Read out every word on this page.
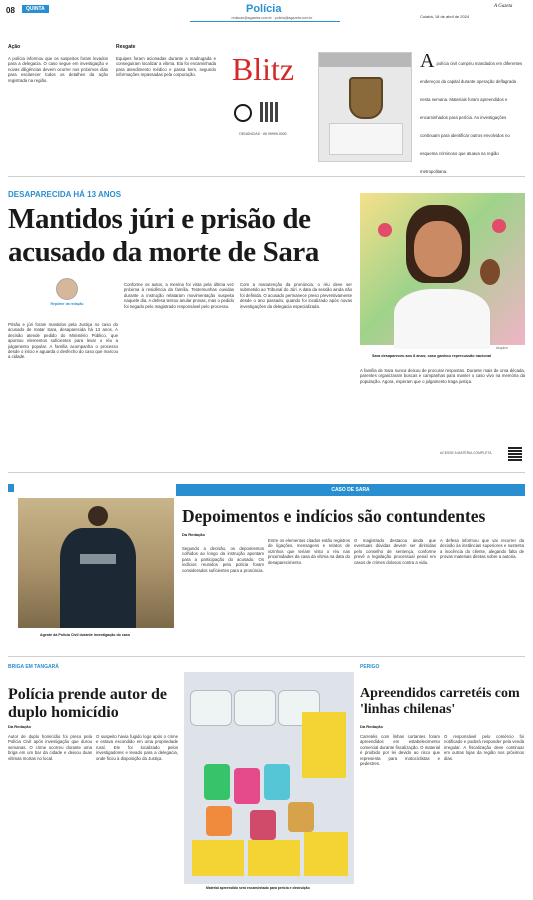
08	QUINTA	Polícia
redacao@agazeta.com.br · policia@agazeta.com.br
A Gazeta
Cuiabá, 18 de abril de 2024
Ação
A polícia informou que os suspeitos foram levados para a delegacia. O caso segue em investigação e novas diligências devem ocorrer nos próximos dias para esclarecer todos os detalhes da ação registrada na região.
Resgate
Equipes foram acionadas durante a madrugada e conseguiram localizar a vítima. Ela foi encaminhada para atendimento médico e passa bem, segundo informações repassadas pela corporação.	Blitz
DENÚNCIAS · 65 99999-0000
A polícia civil cumpriu mandados em diferentes endereços da capital durante operação deflagrada nesta semana. Materiais foram apreendidos e encaminhados para perícia. As investigações continuam para identificar outros envolvidos no esquema criminoso que atuava na região metropolitana.
DESAPARECIDA HÁ 13 ANOS
Mantidos júri e prisão de acusado da morte de Sara
Repórter da redação
Prisão e júri foram mantidos pela Justiça no caso do acusado de matar Sara, desaparecida há 13 anos. A decisão atende pedido do Ministério Público, que apontou elementos suficientes para levar o réu a julgamento popular. A família acompanha o processo desde o início e aguarda o desfecho do caso que marcou a cidade.
Conforme os autos, a menina foi vista pela última vez próxima à residência da família. Testemunhas ouvidas durante a instrução relataram movimentação suspeita naquele dia. A defesa tentou anular provas, mas o pedido foi negado pelo magistrado responsável pelo processo.
Com a manutenção da pronúncia, o réu deve ser submetido ao Tribunal do Júri. A data da sessão ainda não foi definida. O acusado permanece preso preventivamente desde o ano passado, quando foi localizado após novas investigações da delegacia especializada.
Arquivo
Sara desapareceu aos 8 anos; caso ganhou repercussão nacional
A família de Sara nunca deixou de procurar respostas. Durante mais de uma década, parentes organizaram buscas e campanhas para manter o caso vivo na memória da população. Agora, esperam que o julgamento traga justiça.
ACESSE A MATÉRIA COMPLETA
CASO DE SARA
Agente da Polícia Civil durante investigação do caso
Depoimentos e indícios são contundentes
Da Redação
Segundo a decisão, os depoimentos colhidos ao longo da instrução apontam para a participação do acusado. Os indícios reunidos pela polícia foram considerados suficientes para a pronúncia.
Entre os elementos citados estão registros de ligações, mensagens e relatos de vizinhos que teriam visto o réu nas proximidades da casa da vítima na data do desaparecimento.
O magistrado destacou ainda que eventuais dúvidas devem ser dirimidas pelo conselho de sentença, conforme prevê a legislação processual penal em casos de crimes dolosos contra a vida.
A defesa informou que vai recorrer da decisão às instâncias superiores e sustenta a inocência do cliente, alegando falta de provas materiais diretas sobre a autoria.
BRIGA EM TANGARÁ
Polícia prende autor de duplo homicídio
Da Redação
Autor de duplo homicídio foi preso pela Polícia Civil após investigação que durou semanas. O crime ocorreu durante uma briga em um bar da cidade e deixou duas vítimas mortas no local.
O suspeito havia fugido logo após o crime e estava escondido em uma propriedade rural. Ele foi localizado pelos investigadores e levado para a delegacia, onde ficou à disposição da Justiça.
Material apreendido será encaminhado para perícia e destruição
PERIGO
Apreendidos carretéis com 'linhas chilenas'
Da Redação
Carretéis com linhas cortantes foram apreendidos em estabelecimento comercial durante fiscalização. O material é proibido por lei devido ao risco que representa para motociclistas e pedestres.
O responsável pelo comércio foi notificado e poderá responder pela venda irregular. A fiscalização deve continuar em outras lojas da região nos próximos dias.
